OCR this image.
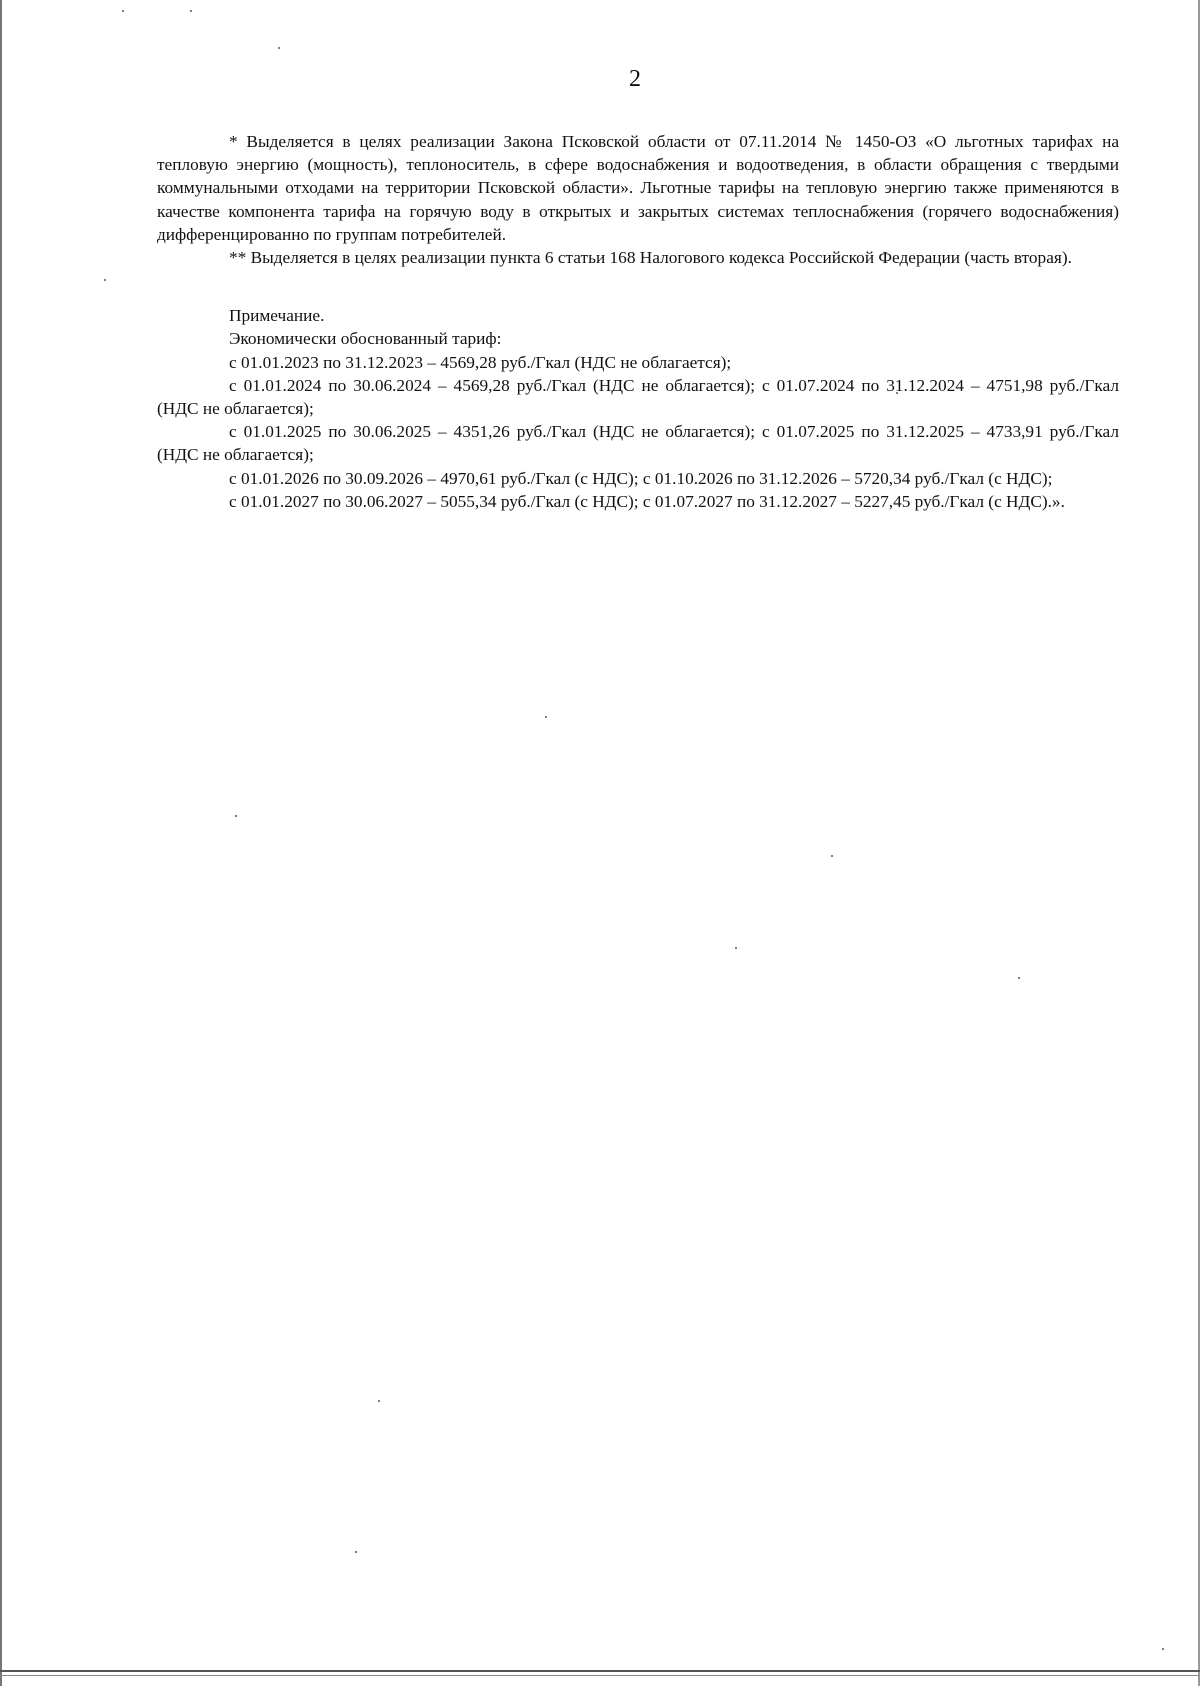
2

* Выделяется в целях реализации Закона Псковской области от 07.11.2014 № 1450-ОЗ «О льготных тарифах на тепловую энергию (мощность), теплоноситель, в сфере водоснабжения и водоотведения, в области обращения с твердыми коммунальными отходами на территории Псковской области». Льготные тарифы на тепловую энергию также применяются в качестве компонента тарифа на горячую воду в открытых и закрытых системах теплоснабжения (горячего водоснабжения) дифференцированно по группам потребителей.

** Выделяется в целях реализации пункта 6 статьи 168 Налогового кодекса Российской Федерации (часть вторая).

Примечание.

Экономически обоснованный тариф:

с 01.01.2023 по 31.12.2023 – 4569,28 руб./Гкал (НДС не облагается);

с 01.01.2024 по 30.06.2024 – 4569,28 руб./Гкал (НДС не облагается); с 01.07.2024 по 31.12.2024 – 4751,98 руб./Гкал (НДС не облагается);

с 01.01.2025 по 30.06.2025 – 4351,26 руб./Гкал (НДС не облагается); с 01.07.2025 по 31.12.2025 – 4733,91 руб./Гкал (НДС не облагается);

с 01.01.2026 по 30.09.2026 – 4970,61 руб./Гкал (с НДС); с 01.10.2026 по 31.12.2026 – 5720,34 руб./Гкал (с НДС);

с 01.01.2027 по 30.06.2027 – 5055,34 руб./Гкал (с НДС); с 01.07.2027 по 31.12.2027 – 5227,45 руб./Гкал (с НДС).».
